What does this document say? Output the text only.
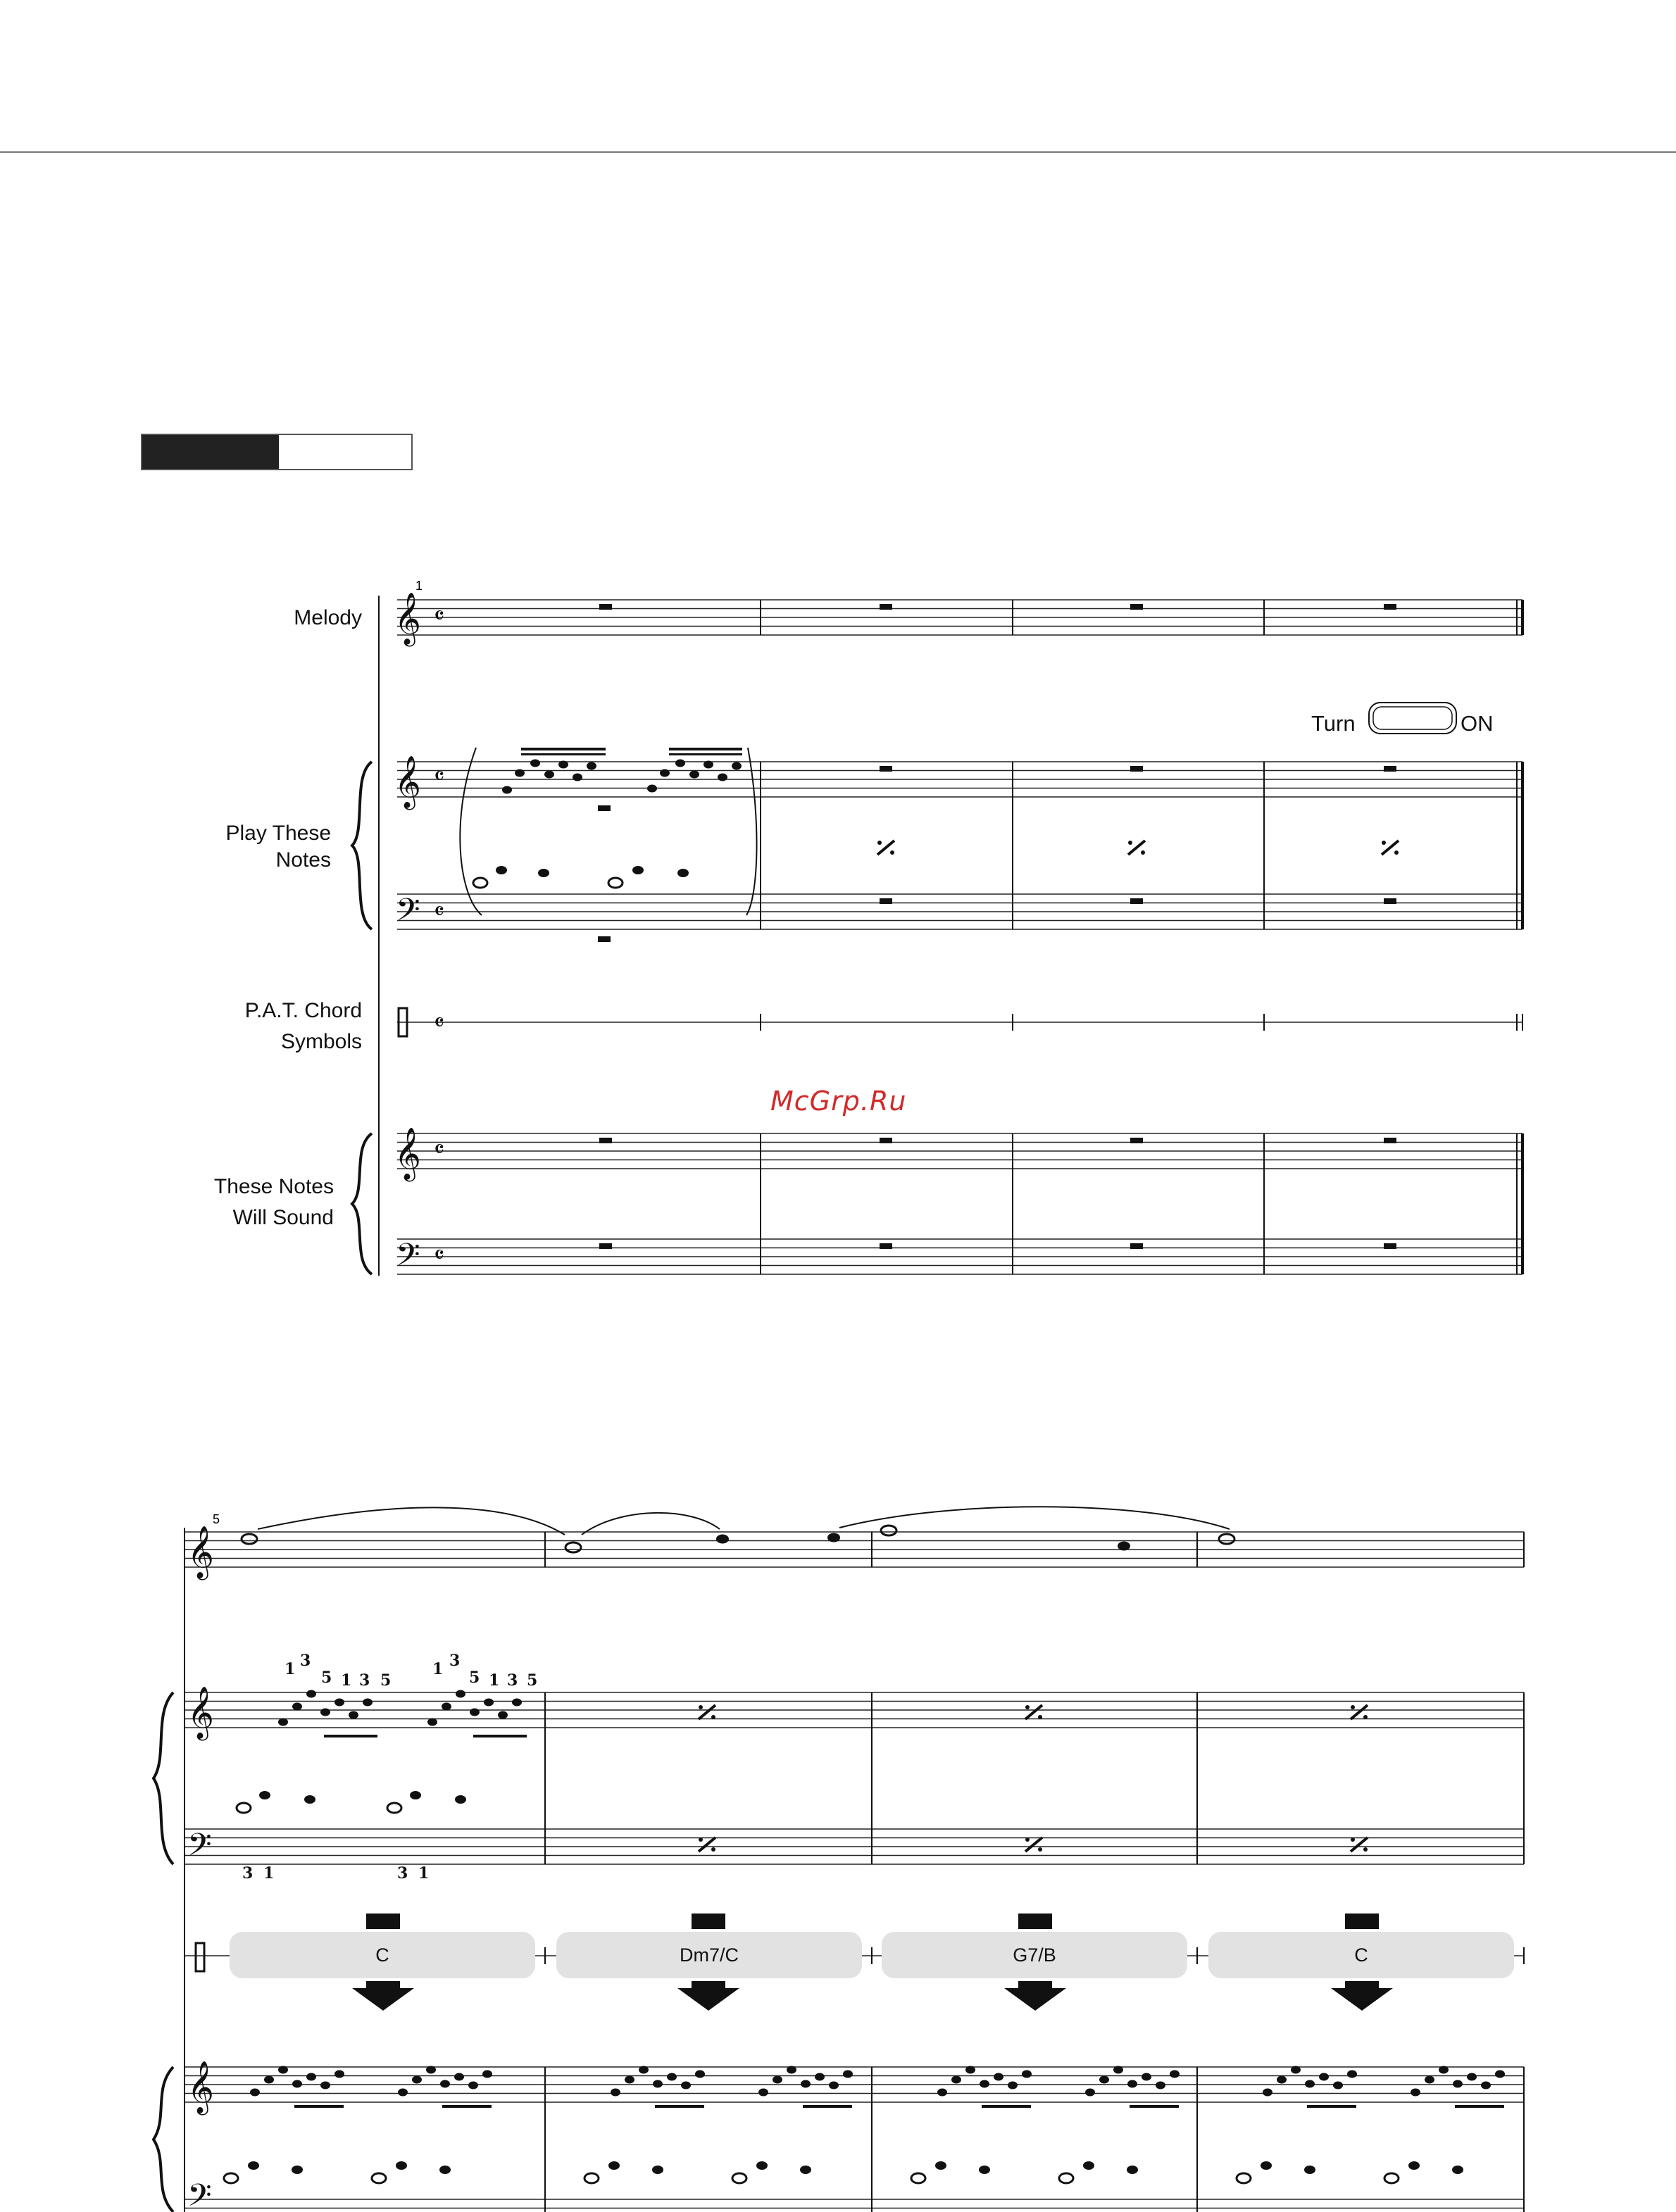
𝄞
𝄞
𝄢
𝄞
𝄢
𝄴
𝄴
𝄴
𝄴
𝄴
𝄴
𝄞
𝄞
𝄢
𝄞
𝄢
1
5
1 3
5 1 3 5
1 3
5 1 3 5
3 1	3 1
Melody
Play These
Notes
P.A.T. Chord
Symbols
These Notes
Will Sound
Turn	ON
McGrp.Ru
C	Dm7/C	G7/B	C
